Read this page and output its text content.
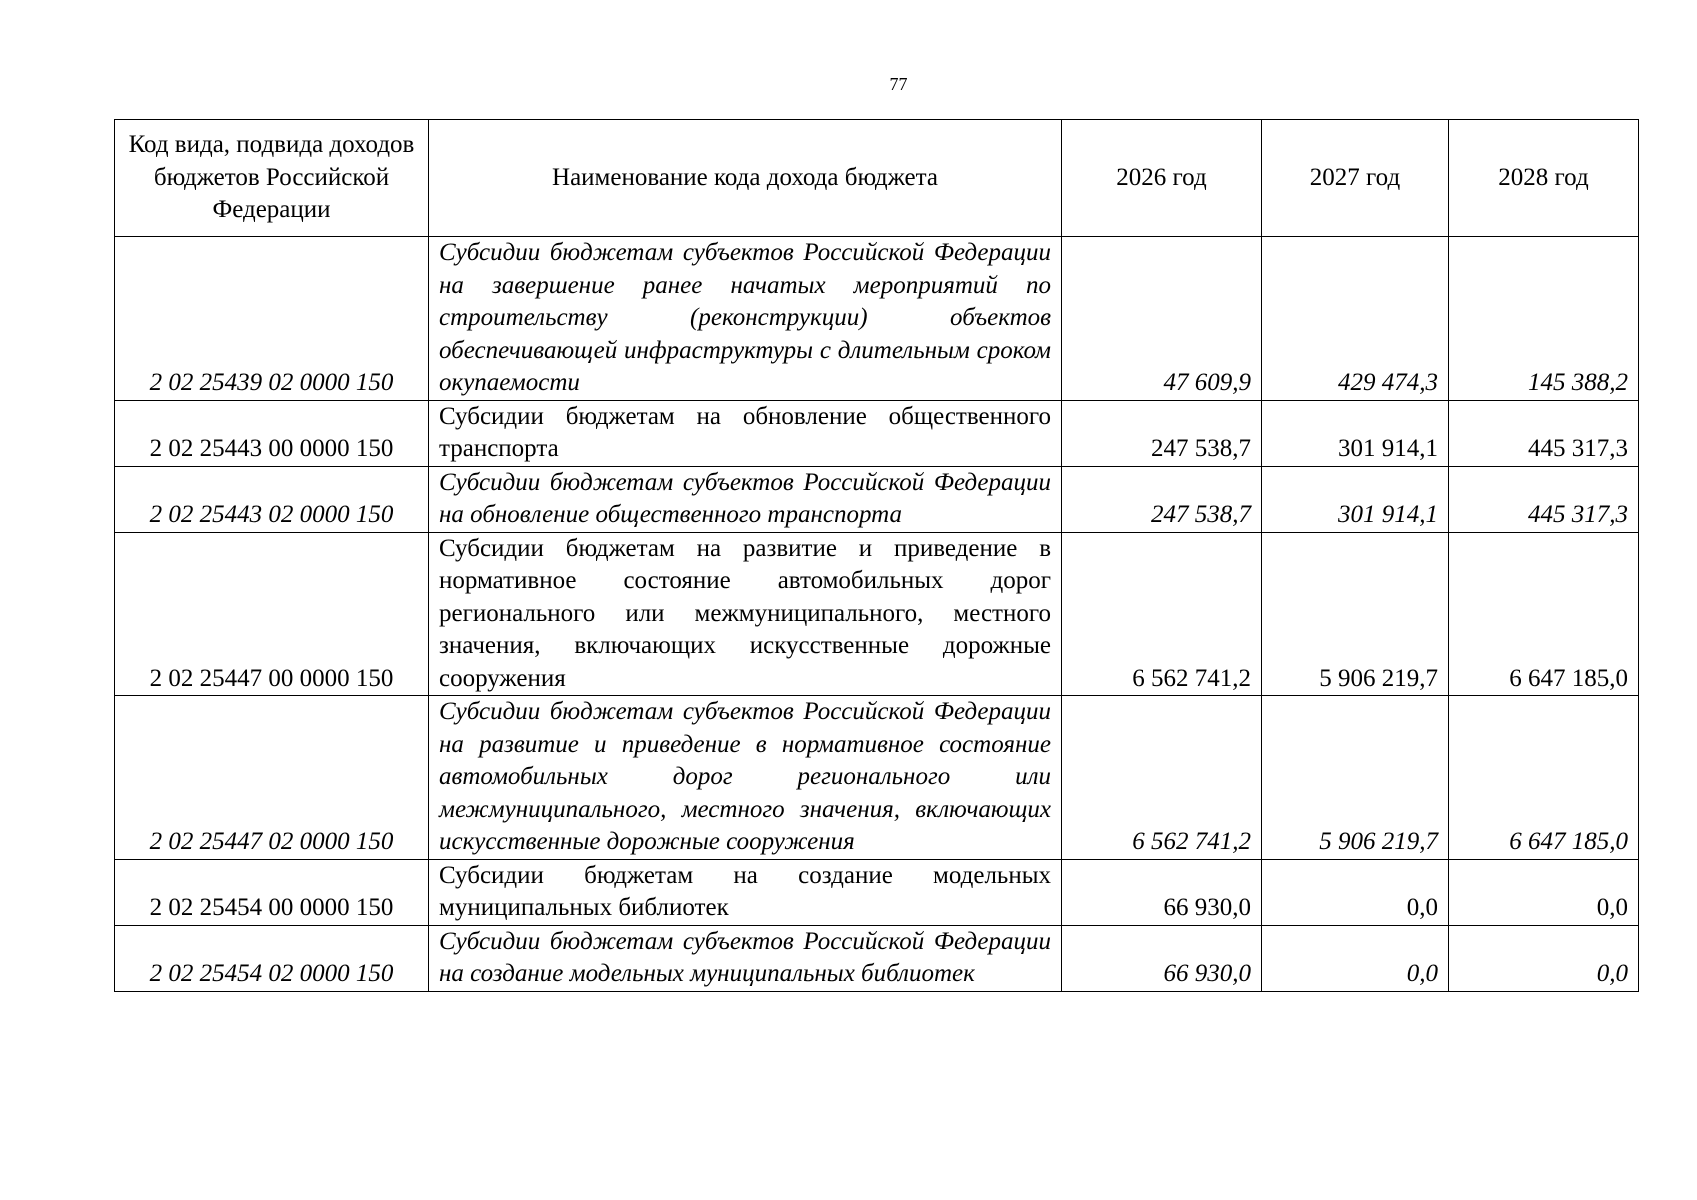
77
Код вида, подвида доходов бюджетов Российской Федерации	Наименование кода дохода бюджета	2026 год	2027 год	2028 год
2 02 25439 02 0000 150	Субсидии бюджетам субъектов Российской Федерации на завершение ранее начатых мероприятий по строительству (реконструкции) объектов обеспечивающей инфраструктуры с длительным сроком окупаемости	47 609,9	429 474,3	145 388,2
2 02 25443 00 0000 150	Субсидии бюджетам на обновление общественного транспорта	247 538,7	301 914,1	445 317,3
2 02 25443 02 0000 150	Субсидии бюджетам субъектов Российской Федерации на обновление общественного транспорта	247 538,7	301 914,1	445 317,3
2 02 25447 00 0000 150	Субсидии бюджетам на развитие и приведение в нормативное состояние автомобильных дорог регионального или межмуниципального, местного значения, включающих искусственные дорожные сооружения	6 562 741,2	5 906 219,7	6 647 185,0
2 02 25447 02 0000 150	Субсидии бюджетам субъектов Российской Федерации на развитие и приведение в нормативное состояние автомобильных дорог регионального или межмуниципального, местного значения, включающих искусственные дорожные сооружения	6 562 741,2	5 906 219,7	6 647 185,0
2 02 25454 00 0000 150	Субсидии бюджетам на создание модельных муниципальных библиотек	66 930,0	0,0	0,0
2 02 25454 02 0000 150	Субсидии бюджетам субъектов Российской Федерации на создание модельных муниципальных библиотек	66 930,0	0,0	0,0
